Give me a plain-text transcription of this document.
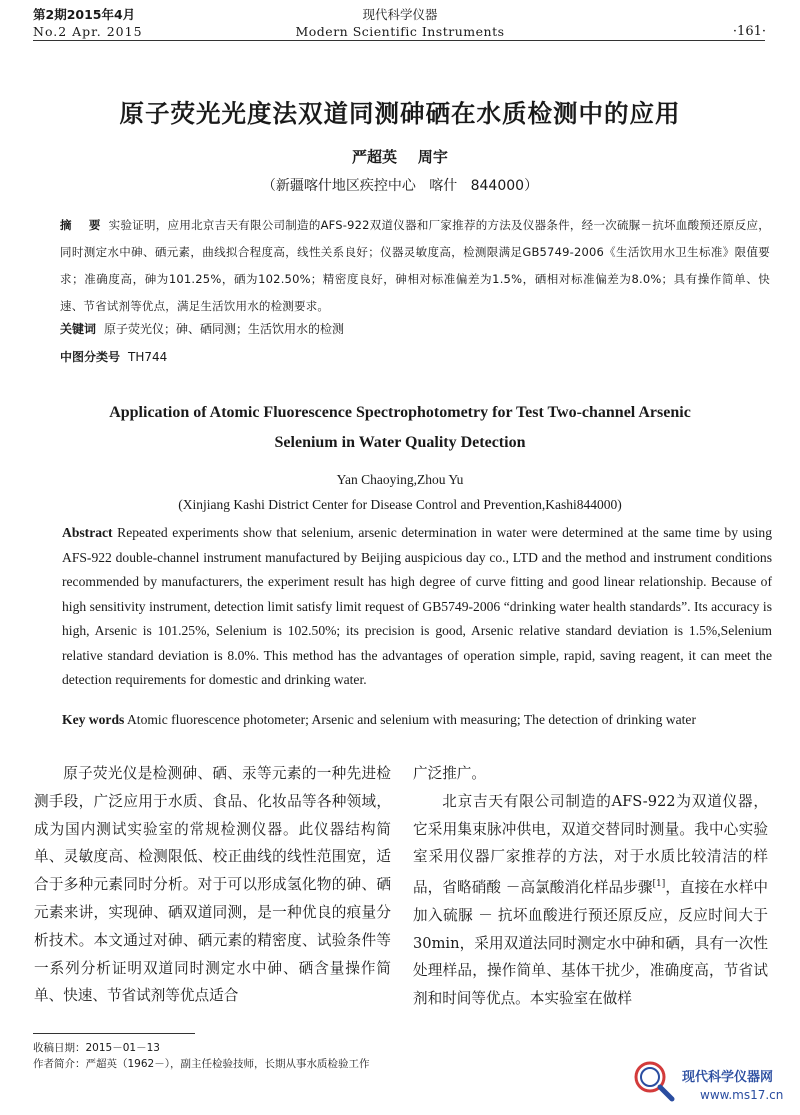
第2期2015年4月
No.2 Apr. 2015
现代科学仪器
Modern Scientific Instruments	·161·
原子荧光光度法双道同测砷硒在水质检测中的应用
严超英    周宇
（新疆喀什地区疾控中心   喀什   844000）
摘    要 实验证明，应用北京吉天有限公司制造的AFS-922双道仪器和厂家推荐的方法及仪器条件，经一次硫脲－抗坏血酸预还原反应，同时测定水中砷、硒元素，曲线拟合程度高，线性关系良好；仪器灵敏度高，检测限满足GB5749-2006《生活饮用水卫生标准》限值要求；准确度高，砷为101.25%，硒为102.50%；精密度良好，砷相对标准偏差为1.5%，硒相对标准偏差为8.0%；具有操作简单、快速、节省试剂等优点，满足生活饮用水的检测要求。
关键词 原子荧光仪；砷、硒同测；生活饮用水的检测
中图分类号 TH744
Application of Atomic Fluorescence Spectrophotometry for Test Two-channel Arsenic
Selenium in Water Quality Detection
Yan Chaoying,Zhou Yu
(Xinjiang Kashi District Center for Disease Control and Prevention,Kashi844000)
Abstract Repeated experiments show that selenium, arsenic determination in water were determined at the same time by using AFS-922 double-channel instrument manufactured by Beijing auspicious day co., LTD and the method and instrument conditions recommended by manufacturers, the experiment result has high degree of curve fitting and good linear relationship. Because of high sensitivity instrument, detection limit satisfy limit request of GB5749-2006 “drinking water health standards”. Its accuracy is high, Arsenic is 101.25%, Selenium is 102.50%; its precision is good, Arsenic relative standard deviation is 1.5%,Selenium relative standard deviation is 8.0%. This method has the advantages of operation simple, rapid, saving reagent, it can meet the detection requirements for domestic and drinking water.
Key words Atomic fluorescence photometer; Arsenic and selenium with measuring; The detection of drinking water

原子荧光仪是检测砷、硒、汞等元素的一种先进检测手段，广泛应用于水质、食品、化妆品等各种领域，成为国内测试实验室的常规检测仪器。此仪器结构简单、灵敏度高、检测限低、校正曲线的线性范围宽，适合于多种元素同时分析。对于可以形成氢化物的砷、硒元素来讲，实现砷、硒双道同测，是一种优良的痕量分析技术。本文通过对砷、硒元素的精密度、试验条件等一系列分析证明双道同时测定水中砷、硒含量操作简单、快速、节省试剂等优点适合

广泛推广。

北京吉天有限公司制造的AFS-922为双道仪器，它采用集束脉冲供电，双道交替同时测量。我中心实验室采用仪器厂家推荐的方法，对于水质比较清洁的样品，省略硝酸 －高氯酸消化样品步骤[1]，直接在水样中加入硫脲 － 抗坏血酸进行预还原反应，反应时间大于30min，采用双道法同时测定水中砷和硒，具有一次性处理样品，操作简单、基体干扰少，准确度高，节省试剂和时间等优点。本实验室在做样

收稿日期：2015－01－13
作者简介：严超英（1962－），副主任检验技师，长期从事水质检验工作
现代科学仪器网
www.ms17.cn
